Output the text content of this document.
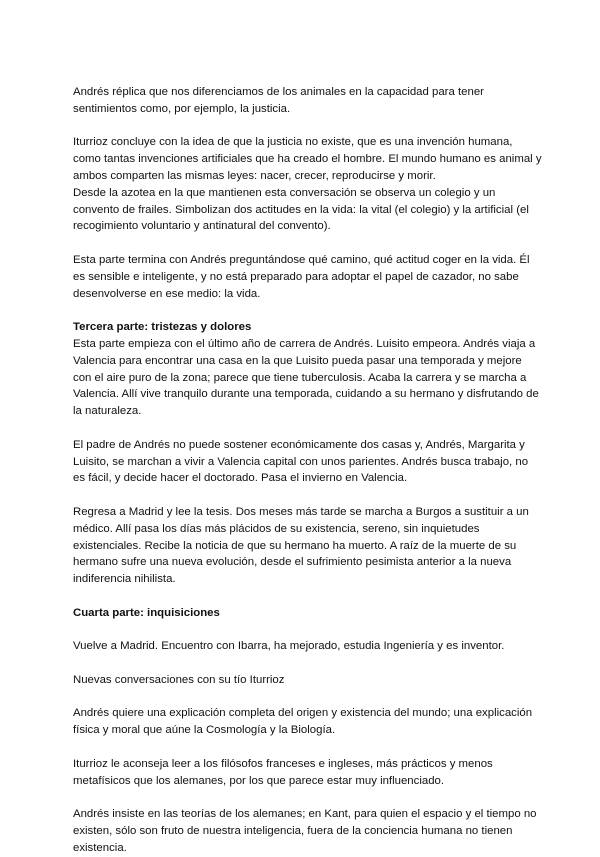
Andrés réplica que nos diferenciamos de los animales en la capacidad para tener sentimientos como, por ejemplo, la justicia.

Iturrioz concluye con la idea de que la justicia no existe, que es una invención humana, como tantas invenciones artificiales que ha creado el hombre. El mundo humano es animal y ambos comparten las mismas leyes: nacer, crecer, reproducirse y morir.

Desde la azotea en la que mantienen esta conversación se observa un colegio y un convento de frailes. Simbolizan dos actitudes en la vida: la vital (el colegio) y la artificial (el recogimiento voluntario y antinatural del convento).

Esta parte termina con Andrés preguntándose qué camino, qué actitud coger en la vida. Él es sensible e inteligente, y no está preparado para adoptar el papel de cazador, no sabe desenvolverse en ese medio: la vida.

Tercera parte: tristezas y dolores

Esta parte empieza con el último año de carrera de Andrés. Luisito empeora. Andrés viaja a Valencia para encontrar una casa en la que Luisito pueda pasar una temporada y mejore con el aire puro de la zona; parece que tiene tuberculosis. Acaba la carrera y se marcha a Valencia. Allí vive tranquilo durante una temporada, cuidando a su hermano y disfrutando de la naturaleza.

El padre de Andrés no puede sostener económicamente dos casas y, Andrés, Margarita y Luisito, se marchan a vivir a Valencia capital con unos parientes. Andrés busca trabajo, no es fácil, y decide hacer el doctorado. Pasa el invierno en Valencia.

Regresa a Madrid y lee la tesis. Dos meses más tarde se marcha a Burgos a sustituir a un médico. Allí pasa los días más plácidos de su existencia, sereno, sin inquietudes existenciales. Recibe la noticia de que su hermano ha muerto. A raíz de la muerte de su hermano sufre una nueva evolución, desde el sufrimiento pesimista anterior a la nueva indiferencia nihilista.

Cuarta parte: inquisiciones

Vuelve a Madrid. Encuentro con Ibarra, ha mejorado, estudia Ingeniería y es inventor.

Nuevas conversaciones con su tío Iturrioz

Andrés quiere una explicación completa del origen y existencia del mundo; una explicación física y moral que aúne la Cosmología y la Biología.

Iturrioz le aconseja leer a los filósofos franceses e ingleses, más prácticos y menos metafísicos que los alemanes, por los que parece estar muy influenciado.

Andrés insiste en las teorías de los alemanes; en Kant, para quien el espacio y el tiempo no existen, sólo son fruto de nuestra inteligencia, fuera de la conciencia humana no tienen existencia.
